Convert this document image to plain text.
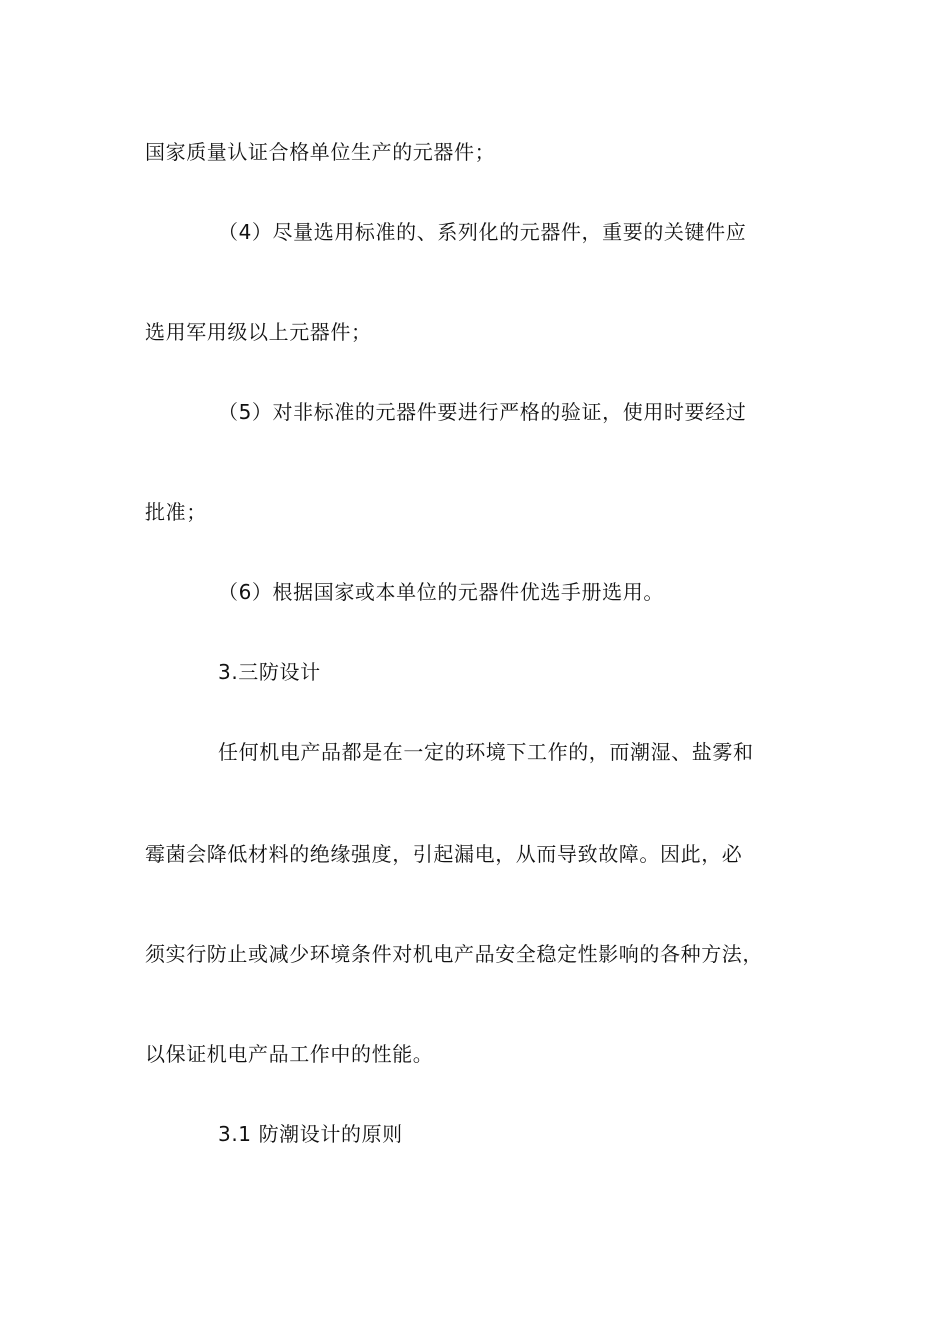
国家质量认证合格单位生产的元器件；

（4）尽量选用标准的、系列化的元器件，重要的关键件应

选用军用级以上元器件；

（5）对非标准的元器件要进行严格的验证，使用时要经过

批准；

（6）根据国家或本单位的元器件优选手册选用。

3.三防设计

任何机电产品都是在一定的环境下工作的，而潮湿、盐雾和

霉菌会降低材料的绝缘强度，引起漏电，从而导致故障。因此，必

须实行防止或减少环境条件对机电产品安全稳定性影响的各种方法，

以保证机电产品工作中的性能。

3.1 防潮设计的原则
